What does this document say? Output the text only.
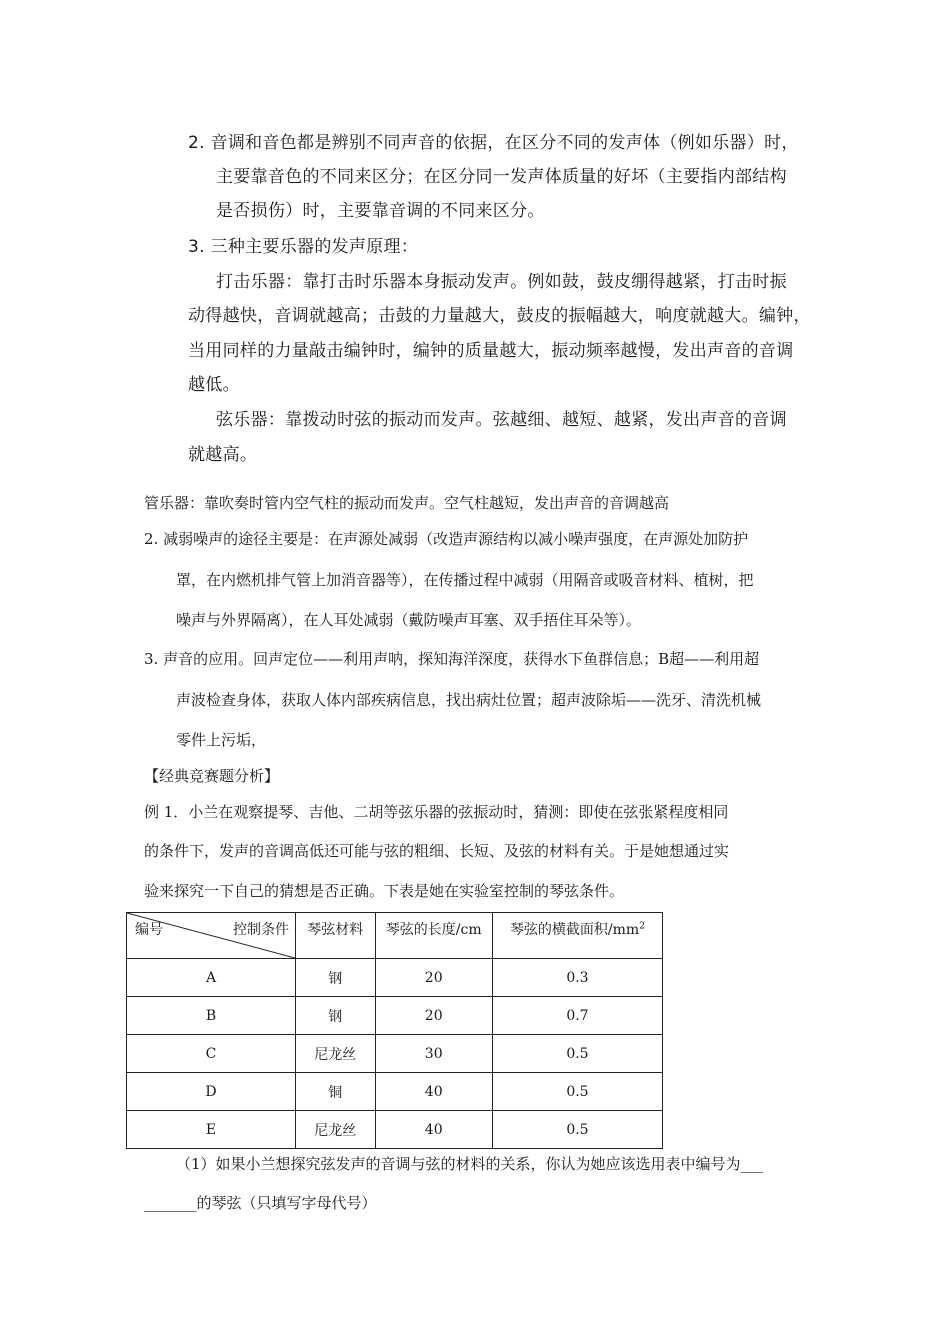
2. 音调和音色都是辨别不同声音的依据，在区分不同的发声体（例如乐器）时，
主要靠音色的不同来区分；在区分同一发声体质量的好坏（主要指内部结构
是否损伤）时，主要靠音调的不同来区分。
3. 三种主要乐器的发声原理：
打击乐器：靠打击时乐器本身振动发声。例如鼓，鼓皮绷得越紧，打击时振
动得越快，音调就越高；击鼓的力量越大，鼓皮的振幅越大，响度就越大。编钟，
当用同样的力量敲击编钟时，编钟的质量越大，振动频率越慢，发出声音的音调
越低。
弦乐器：靠拨动时弦的振动而发声。弦越细、越短、越紧，发出声音的音调
就越高。
管乐器：靠吹奏时管内空气柱的振动而发声。空气柱越短，发出声音的音调越高
2. 减弱噪声的途径主要是：在声源处减弱（改造声源结构以减小噪声强度，在声源处加防护
罩，在内燃机排气管上加消音器等），在传播过程中减弱（用隔音或吸音材料、植树，把
噪声与外界隔离），在人耳处减弱（戴防噪声耳塞、双手捂住耳朵等）。
3. 声音的应用。回声定位——利用声呐，探知海洋深度，获得水下鱼群信息；B超——利用超
声波检查身体，获取人体内部疾病信息，找出病灶位置；超声波除垢——洗牙、清洗机械
零件上污垢，
【经典竞赛题分析】
例 1．小兰在观察提琴、吉他、二胡等弦乐器的弦振动时，猜测：即使在弦张紧程度相同
的条件下，发声的音调高低还可能与弦的粗细、长短、及弦的材料有关。于是她想通过实
验来探究一下自己的猜想是否正确。下表是她在实验室控制的琴弦条件。
编号 控制条件	琴弦材料	琴弦的长度/cm	琴弦的横截面积$/mm^2$
A	钢	20	0.3
B	钢	20	0.7
C	尼龙丝	30	0.5
D	铜	40	0.5
E	尼龙丝	40	0.5
（1）如果小兰想探究弦发声的音调与弦的材料的关系，你认为她应该选用表中编号为___
_______的琴弦（只填写字母代号）
